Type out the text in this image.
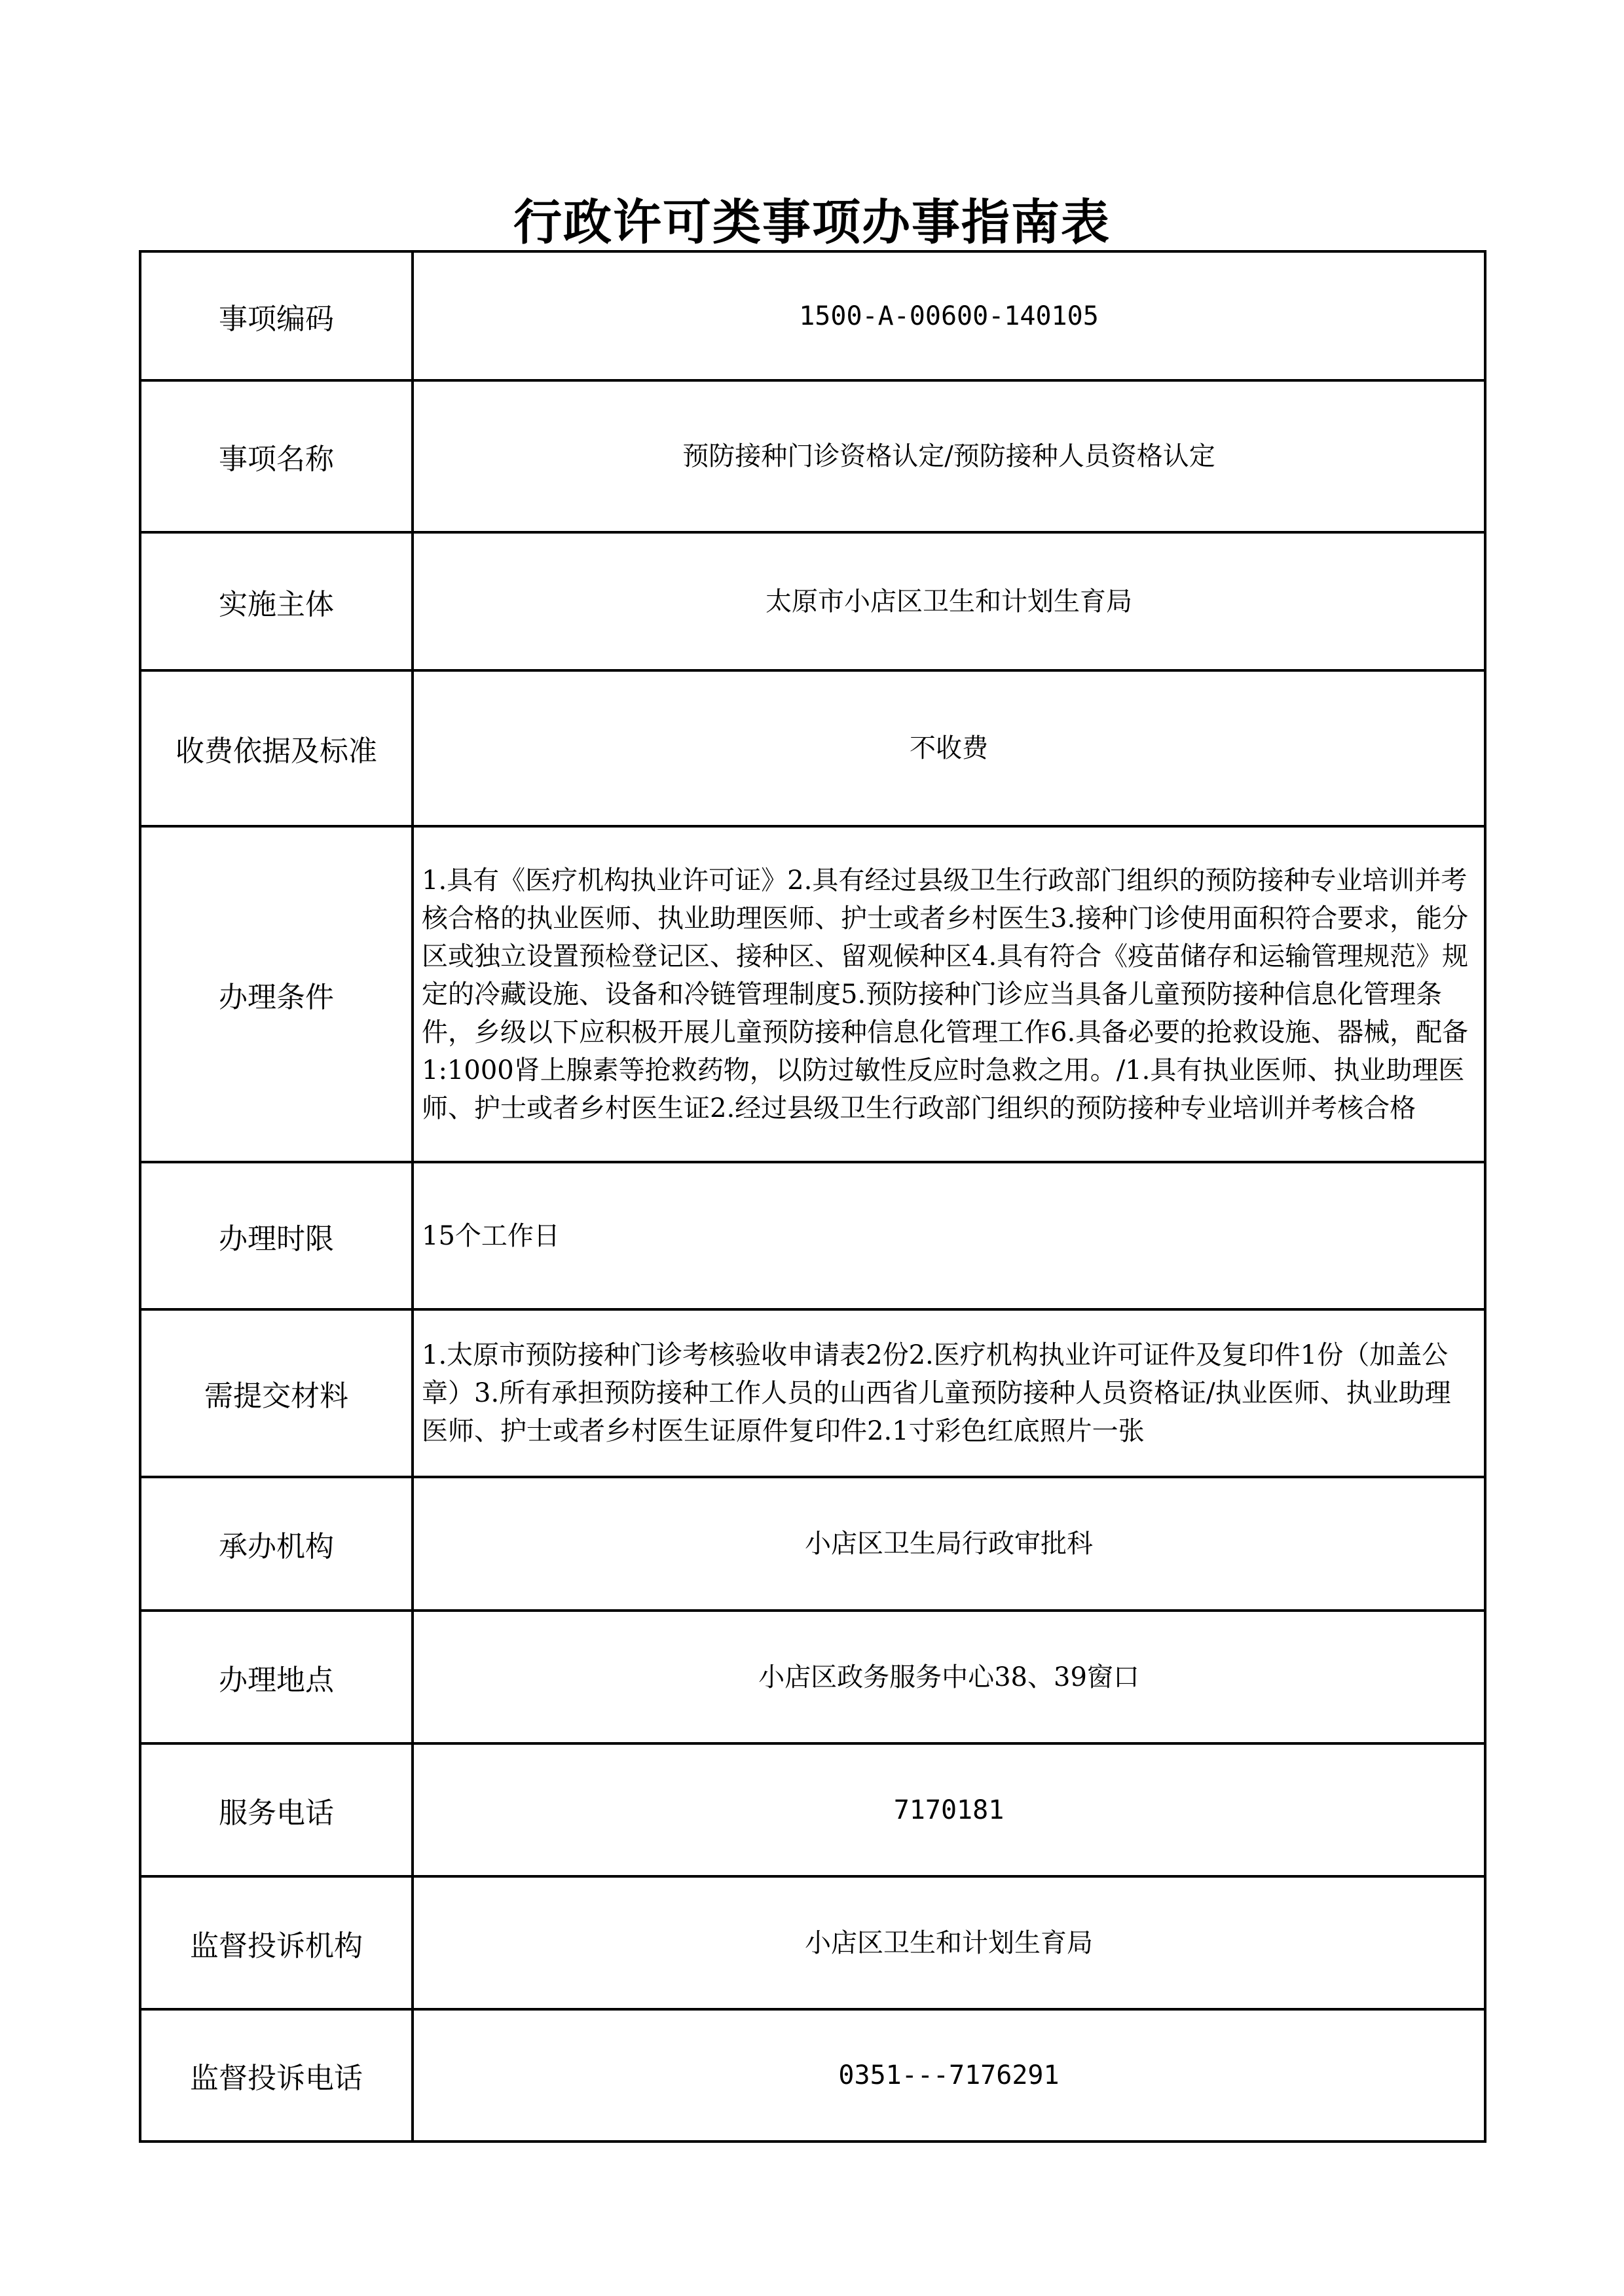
行政许可类事项办事指南表
事项编码	1500-A-00600-140105
事项名称	预防接种门诊资格认定/预防接种人员资格认定
实施主体	太原市小店区卫生和计划生育局
收费依据及标准	不收费
办理条件	1.具有《医疗机构执业许可证》2.具有经过县级卫生行政部门组织的预防接种专业培训并考核合格的执业医师、执业助理医师、护士或者乡村医生3.接种门诊使用面积符合要求，能分区或独立设置预检登记区、接种区、留观候种区4.具有符合《疫苗储存和运输管理规范》规定的冷藏设施、设备和冷链管理制度5.预防接种门诊应当具备儿童预防接种信息化管理条件，乡级以下应积极开展儿童预防接种信息化管理工作6.具备必要的抢救设施、器械，配备1:1000肾上腺素等抢救药物，以防过敏性反应时急救之用。/1.具有执业医师、执业助理医师、护士或者乡村医生证2.经过县级卫生行政部门组织的预防接种专业培训并考核合格
办理时限	15个工作日
需提交材料	1.太原市预防接种门诊考核验收申请表2份2.医疗机构执业许可证件及复印件1份（加盖公章）3.所有承担预防接种工作人员的山西省儿童预防接种人员资格证/执业医师、执业助理医师、护士或者乡村医生证原件复印件2.1寸彩色红底照片一张
承办机构	小店区卫生局行政审批科
办理地点	小店区政务服务中心38、39窗口
服务电话	7170181
监督投诉机构	小店区卫生和计划生育局
监督投诉电话	0351---7176291
